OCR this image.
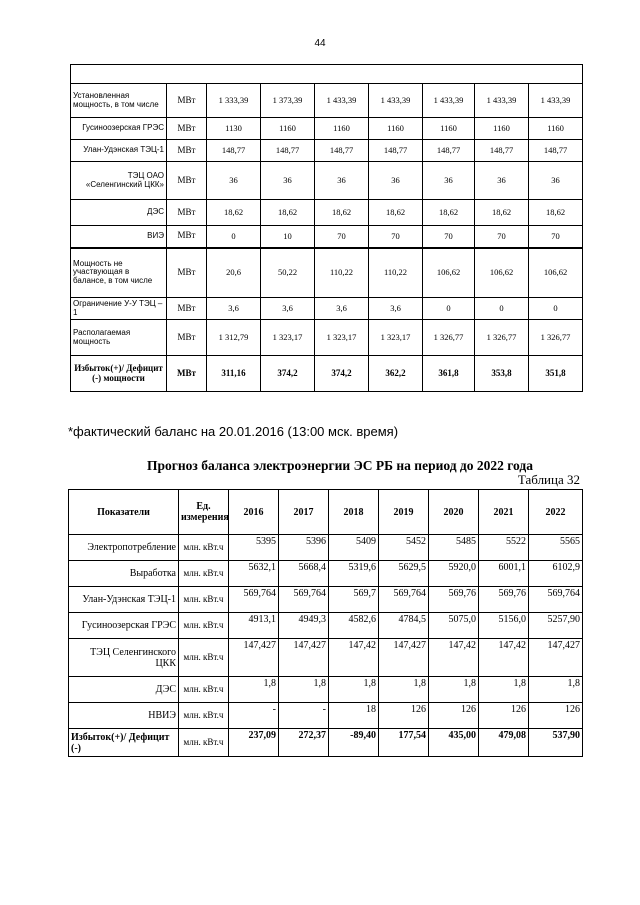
44

Установленная мощность, в том числе	МВт	1 333,39	1 373,39	1 433,39	1 433,39	1 433,39	1 433,39	1 433,39
Гусиноозерская ГРЭС	МВт	1130	1160	1160	1160	1160	1160	1160
Улан-Удэнская ТЭЦ-1	МВт	148,77	148,77	148,77	148,77	148,77	148,77	148,77
ТЭЦ ОАО «Селенгинский ЦКК»	МВт	36	36	36	36	36	36	36
ДЭС	МВт	18,62	18,62	18,62	18,62	18,62	18,62	18,62
ВИЭ	МВт	0	10	70	70	70	70	70
Мощность не участвующая в балансе, в том числе	МВт	20,6	50,22	110,22	110,22	106,62	106,62	106,62
Ограничение У-У ТЭЦ – 1	МВт	3,6	3,6	3,6	3,6	0	0	0
Располагаемая мощность	МВт	1 312,79	1 323,17	1 323,17	1 323,17	1 326,77	1 326,77	1 326,77
Избыток(+)/ Дефицит (-) мощности	МВт	311,16	374,2	374,2	362,2	361,8	353,8	351,8
*фактический баланс на 20.01.2016 (13:00 мск. время)
Прогноз баланса электроэнергии ЭС РБ на период до 2022 года
Таблица 32
Показатели	Ед. измерения	2016	2017	2018	2019	2020	2021	2022
Электропотребление	млн. кВт.ч	5395	5396	5409	5452	5485	5522	5565
Выработка	млн. кВт.ч	5632,1	5668,4	5319,6	5629,5	5920,0	6001,1	6102,9
Улан-Удэнская ТЭЦ-1	млн. кВт.ч	569,764	569,764	569,7	569,764	569,76	569,76	569,764
Гусиноозерская ГРЭС	млн. кВт.ч	4913,1	4949,3	4582,6	4784,5	5075,0	5156,0	5257,90
ТЭЦ Селенгинского ЦКК	млн. кВт.ч	147,427	147,427	147,42	147,427	147,42	147,42	147,427
ДЭС	млн. кВт.ч	1,8	1,8	1,8	1,8	1,8	1,8	1,8
НВИЭ	млн. кВт.ч	-	-	18	126	126	126	126
Избыток(+)/ Дефицит (-)	млн. кВт.ч	237,09	272,37	-89,40	177,54	435,00	479,08	537,90
